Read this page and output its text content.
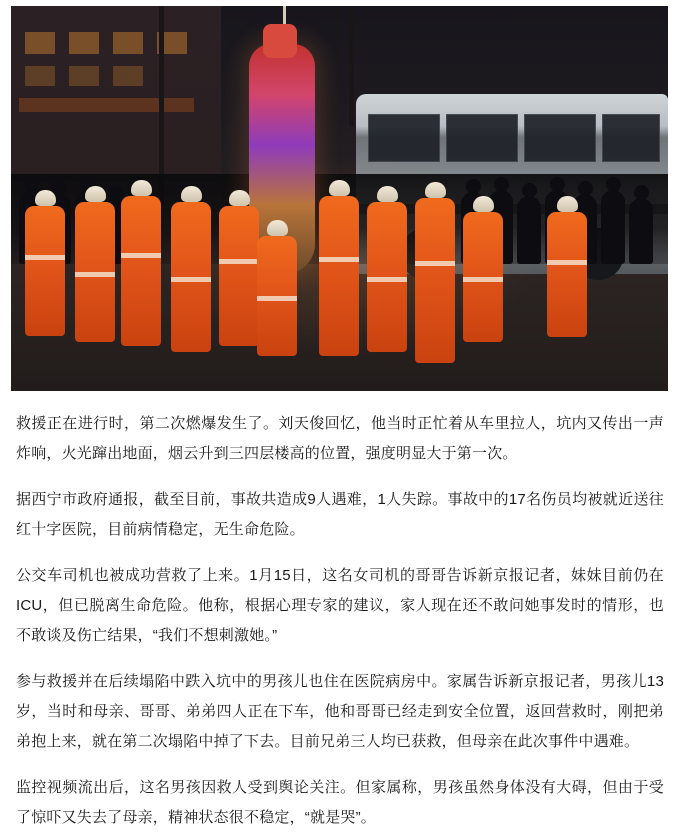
救援正在进行时，第二次燃爆发生了。刘天俊回忆，他当时正忙着从车里拉人，坑内又传出一声炸响，火光蹿出地面，烟云升到三四层楼高的位置，强度明显大于第一次。

据西宁市政府通报，截至目前，事故共造成9人遇难，1人失踪。事故中的17名伤员均被就近送往红十字医院，目前病情稳定，无生命危险。

公交车司机也被成功营救了上来。1月15日，这名女司机的哥哥告诉新京报记者，妹妹目前仍在ICU，但已脱离生命危险。他称，根据心理专家的建议，家人现在还不敢问她事发时的情形，也不敢谈及伤亡结果，“我们不想刺激她。”

参与救援并在后续塌陷中跌入坑中的男孩儿也住在医院病房中。家属告诉新京报记者，男孩儿13岁，当时和母亲、哥哥、弟弟四人正在下车，他和哥哥已经走到安全位置，返回营救时，刚把弟弟抱上来，就在第二次塌陷中掉了下去。目前兄弟三人均已获救，但母亲在此次事件中遇难。

监控视频流出后，这名男孩因救人受到舆论关注。但家属称，男孩虽然身体没有大碍，但由于受了惊吓又失去了母亲，精神状态很不稳定，“就是哭”。
